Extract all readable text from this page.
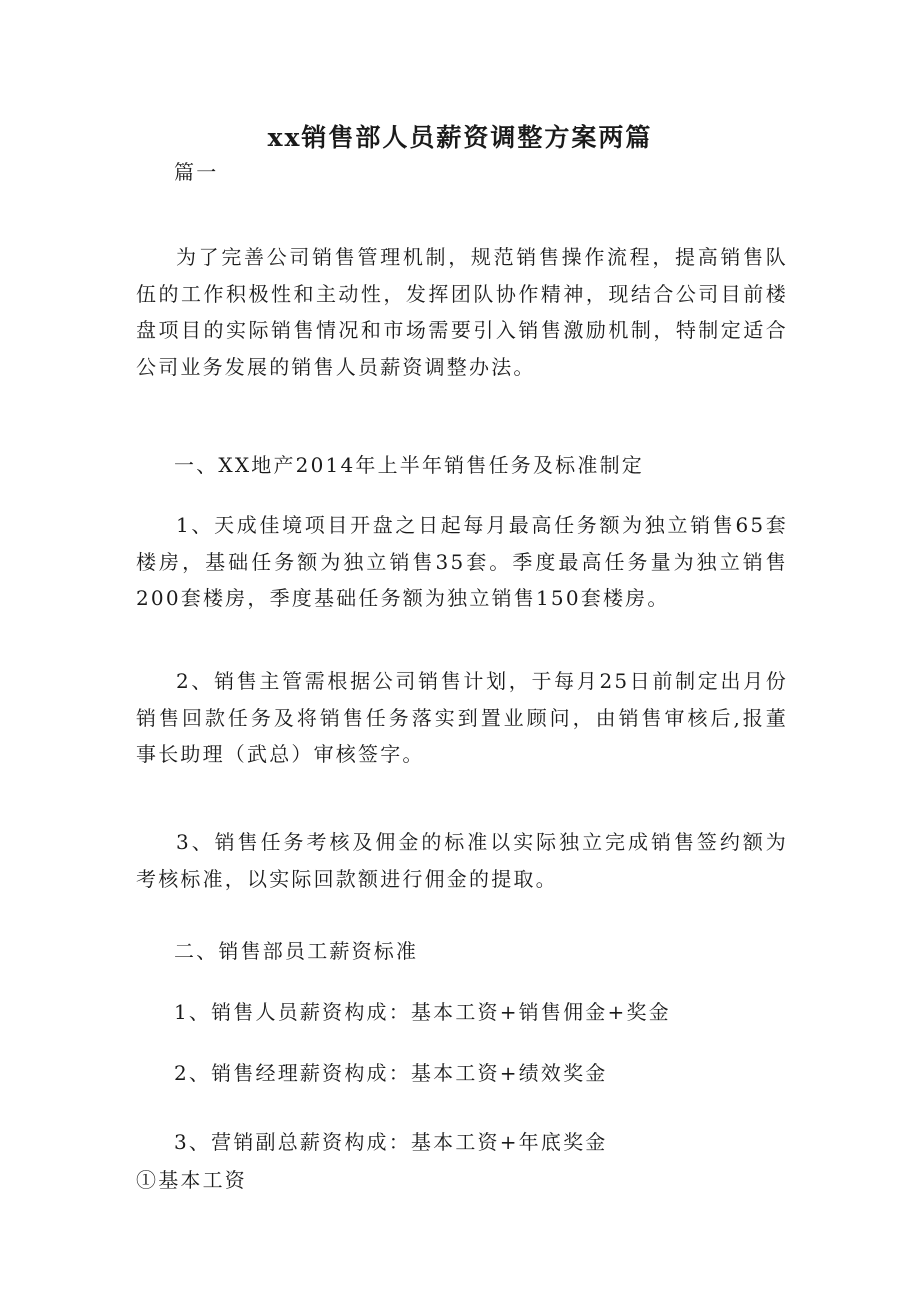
xx销售部人员薪资调整方案两篇
篇一
为了完善公司销售管理机制，规范销售操作流程，提高销售队伍的工作积极性和主动性，发挥团队协作精神，现结合公司目前楼盘项目的实际销售情况和市场需要引入销售激励机制，特制定适合公司业务发展的销售人员薪资调整办法。
一、XX地产2014年上半年销售任务及标准制定
1、天成佳境项目开盘之日起每月最高任务额为独立销售65套楼房，基础任务额为独立销售35套。季度最高任务量为独立销售200套楼房，季度基础任务额为独立销售150套楼房。
2、销售主管需根据公司销售计划，于每月25日前制定出月份销售回款任务及将销售任务落实到置业顾问，由销售审核后,报董事长助理（武总）审核签字。
3、销售任务考核及佣金的标准以实际独立完成销售签约额为考核标准，以实际回款额进行佣金的提取。
二、销售部员工薪资标准
1、销售人员薪资构成：基本工资+销售佣金+奖金
2、销售经理薪资构成：基本工资+绩效奖金
3、营销副总薪资构成：基本工资+年底奖金
①基本工资
